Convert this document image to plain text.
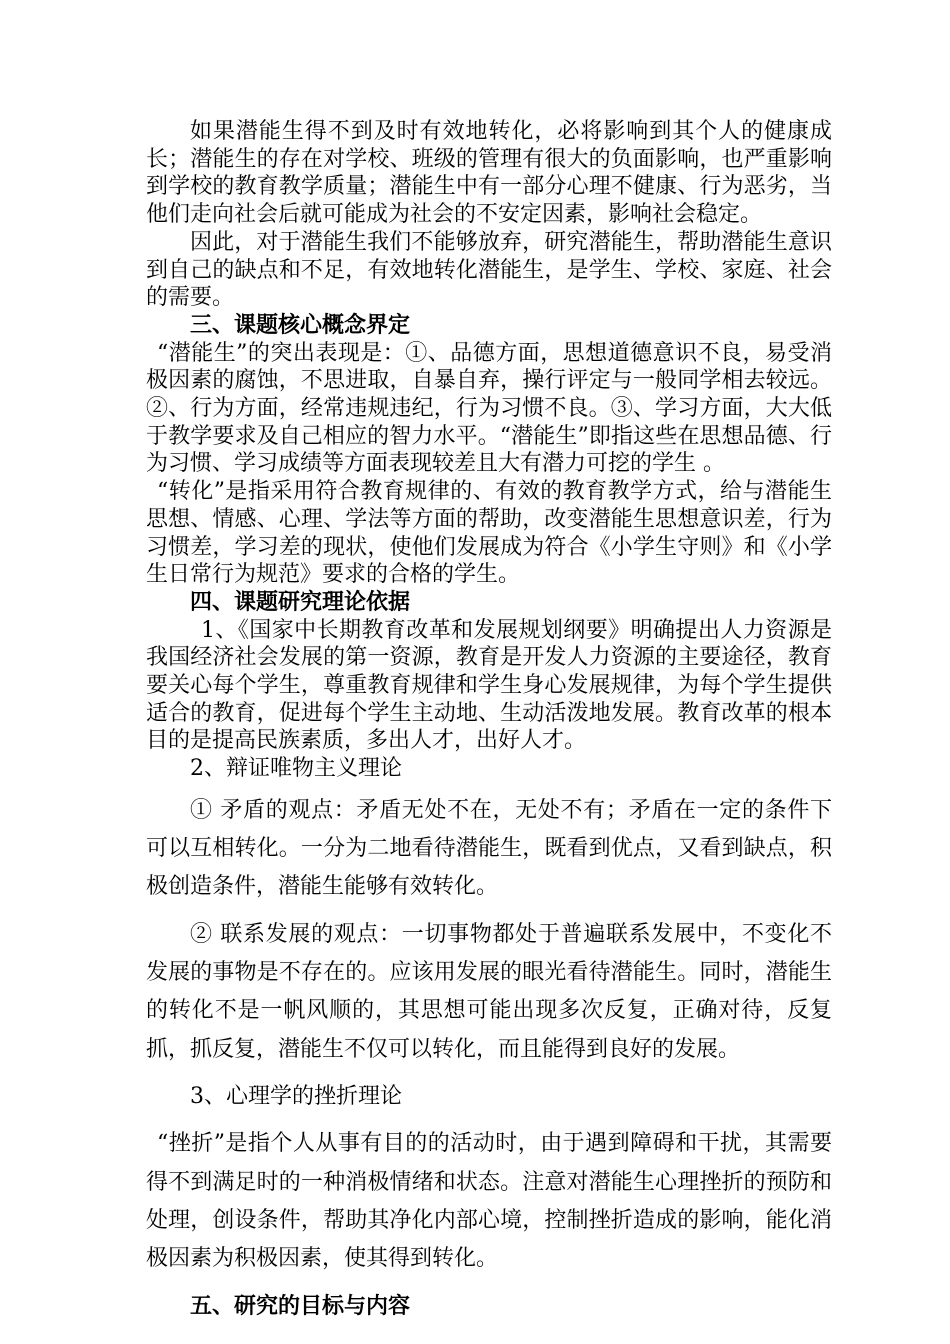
如果潜能生得不到及时有效地转化，必将影响到其个人的健康成长；潜能生的存在对学校、班级的管理有很大的负面影响，也严重影响到学校的教育教学质量；潜能生中有一部分心理不健康、行为恶劣，当他们走向社会后就可能成为社会的不安定因素，影响社会稳定。

因此，对于潜能生我们不能够放弃，研究潜能生，帮助潜能生意识到自己的缺点和不足，有效地转化潜能生，是学生、学校、家庭、社会的需要。

三、课题核心概念界定

“潜能生”的突出表现是：①、品德方面，思想道德意识不良，易受消极因素的腐蚀，不思进取，自暴自弃，操行评定与一般同学相去较远。②、行为方面，经常违规违纪，行为习惯不良。③、学习方面，大大低于教学要求及自己相应的智力水平。“潜能生”即指这些在思想品德、行为习惯、学习成绩等方面表现较差且大有潜力可挖的学生 。

“转化”是指采用符合教育规律的、有效的教育教学方式，给与潜能生思想、情感、心理、学法等方面的帮助，改变潜能生思想意识差，行为习惯差，学习差的现状，使他们发展成为符合《小学生守则》和《小学生日常行为规范》要求的合格的学生。

四、课题研究理论依据

1、《国家中长期教育改革和发展规划纲要》明确提出人力资源是我国经济社会发展的第一资源，教育是开发人力资源的主要途径，教育要关心每个学生，尊重教育规律和学生身心发展规律，为每个学生提供适合的教育，促进每个学生主动地、生动活泼地发展。教育改革的根本目的是提高民族素质，多出人才，出好人才。

2、辩证唯物主义理论

① 矛盾的观点：矛盾无处不在，无处不有；矛盾在一定的条件下可以互相转化。一分为二地看待潜能生，既看到优点，又看到缺点，积极创造条件，潜能生能够有效转化。

② 联系发展的观点：一切事物都处于普遍联系发展中，不变化不发展的事物是不存在的。应该用发展的眼光看待潜能生。同时，潜能生的转化不是一帆风顺的，其思想可能出现多次反复，正确对待，反复抓，抓反复，潜能生不仅可以转化，而且能得到良好的发展。

3、心理学的挫折理论

“挫折”是指个人从事有目的的活动时，由于遇到障碍和干扰，其需要得不到满足时的一种消极情绪和状态。注意对潜能生心理挫折的预防和处理，创设条件，帮助其净化内部心境，控制挫折造成的影响，能化消极因素为积极因素，使其得到转化。

五、研究的目标与内容
